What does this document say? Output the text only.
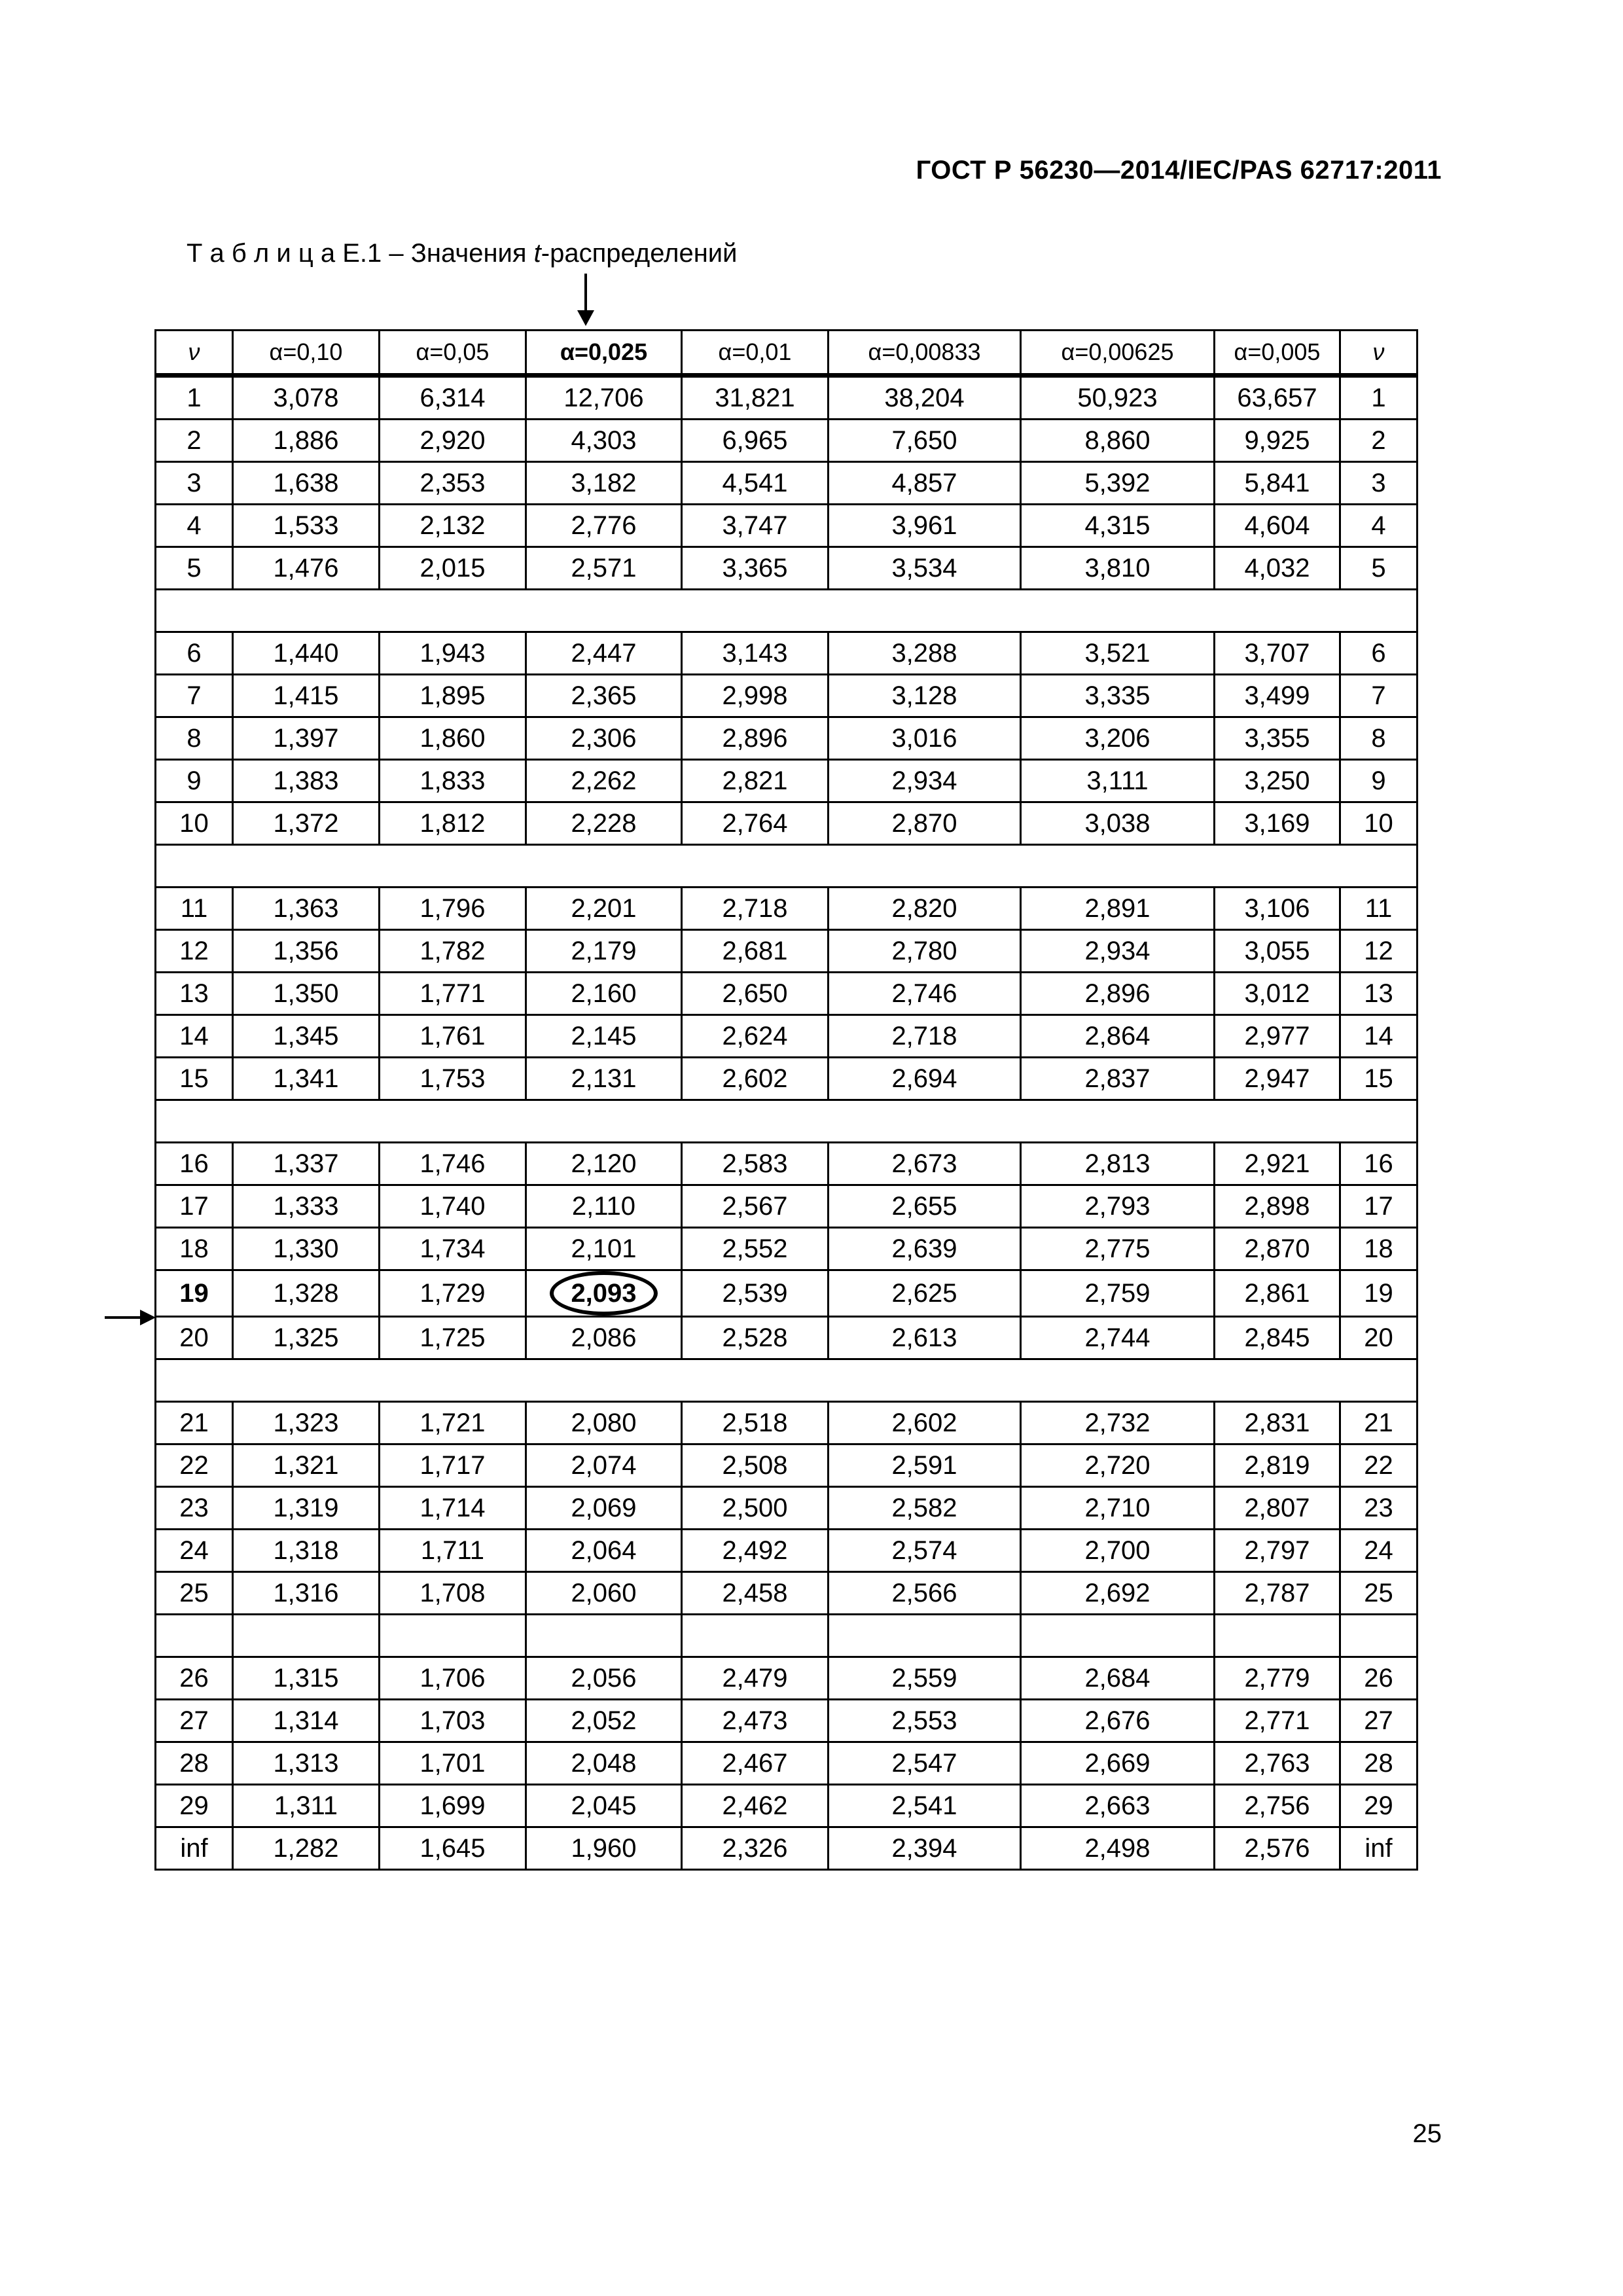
ГОСТ Р 56230—2014/IEC/PAS 62717:2011
Т а б л и ц а Е.1 – Значения t-распределений
ν	α=0,10	α=0,05	α=0,025	α=0,01	α=0,00833	α=0,00625	α=0,005	ν
1	3,078	6,314	12,706	31,821	38,204	50,923	63,657	1
2	1,886	2,920	4,303	6,965	7,650	8,860	9,925	2
3	1,638	2,353	3,182	4,541	4,857	5,392	5,841	3
4	1,533	2,132	2,776	3,747	3,961	4,315	4,604	4
5	1,476	2,015	2,571	3,365	3,534	3,810	4,032	5

6	1,440	1,943	2,447	3,143	3,288	3,521	3,707	6
7	1,415	1,895	2,365	2,998	3,128	3,335	3,499	7
8	1,397	1,860	2,306	2,896	3,016	3,206	3,355	8
9	1,383	1,833	2,262	2,821	2,934	3,111	3,250	9
10	1,372	1,812	2,228	2,764	2,870	3,038	3,169	10

11	1,363	1,796	2,201	2,718	2,820	2,891	3,106	11
12	1,356	1,782	2,179	2,681	2,780	2,934	3,055	12
13	1,350	1,771	2,160	2,650	2,746	2,896	3,012	13
14	1,345	1,761	2,145	2,624	2,718	2,864	2,977	14
15	1,341	1,753	2,131	2,602	2,694	2,837	2,947	15

16	1,337	1,746	2,120	2,583	2,673	2,813	2,921	16
17	1,333	1,740	2,110	2,567	2,655	2,793	2,898	17
18	1,330	1,734	2,101	2,552	2,639	2,775	2,870	18
19	1,328	1,729	2,093	2,539	2,625	2,759	2,861	19
20	1,325	1,725	2,086	2,528	2,613	2,744	2,845	20

21	1,323	1,721	2,080	2,518	2,602	2,732	2,831	21
22	1,321	1,717	2,074	2,508	2,591	2,720	2,819	22
23	1,319	1,714	2,069	2,500	2,582	2,710	2,807	23
24	1,318	1,711	2,064	2,492	2,574	2,700	2,797	24
25	1,316	1,708	2,060	2,458	2,566	2,692	2,787	25

26	1,315	1,706	2,056	2,479	2,559	2,684	2,779	26
27	1,314	1,703	2,052	2,473	2,553	2,676	2,771	27
28	1,313	1,701	2,048	2,467	2,547	2,669	2,763	28
29	1,311	1,699	2,045	2,462	2,541	2,663	2,756	29
inf	1,282	1,645	1,960	2,326	2,394	2,498	2,576	inf
25
